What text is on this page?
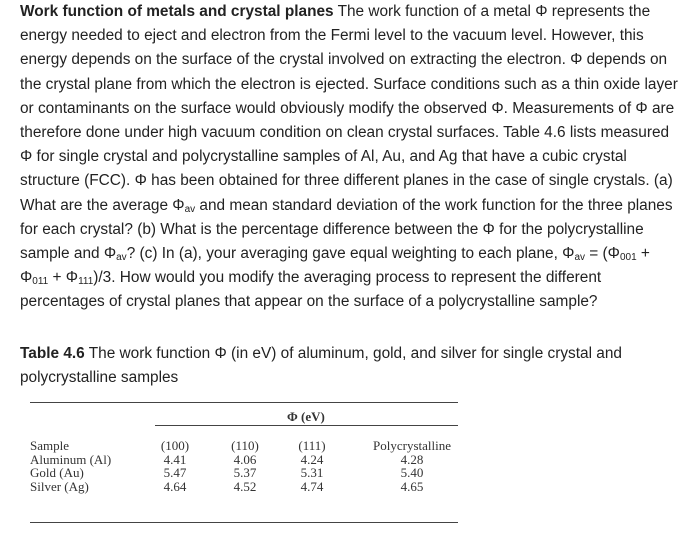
Work function of metals and crystal planes The work function of a metal Φ represents the
energy needed to eject and electron from the Fermi level to the vacuum level. However, this
energy depends on the surface of the crystal involved on extracting the electron. Φ depends on
the crystal plane from which the electron is ejected. Surface conditions such as a thin oxide layer
or contaminants on the surface would obviously modify the observed Φ. Measurements of Φ are
therefore done under high vacuum condition on clean crystal surfaces. Table 4.6 lists measured
Φ for single crystal and polycrystalline samples of Al, Au, and Ag that have a cubic crystal
structure (FCC). Φ has been obtained for three different planes in the case of single crystals. (a)
What are the average $\Phi_{av}$ and mean standard deviation of the work function for the three planes
for each crystal? (b) What is the percentage difference between the Φ for the polycrystalline
sample and $\Phi_{av}$? (c) In (a), your averaging gave equal weighting to each plane, $\Phi_{av} = (\Phi_{001}$ +
$\Phi_{011} + \Phi_{111})/3$. How would you modify the averaging process to represent the different
percentages of crystal planes that appear on the surface of a polycrystalline sample?
Table 4.6 The work function Φ (in eV) of aluminum, gold, and silver for single crystal and
polycrystalline samples
Φ (eV)
Sample
Aluminum (Al)
Gold (Au)
Silver (Ag)
(100)
4.41
5.47
4.64
(110)
4.06
5.37
4.52
(111)
4.24
5.31
4.74
Polycrystalline
4.28
5.40
4.65
